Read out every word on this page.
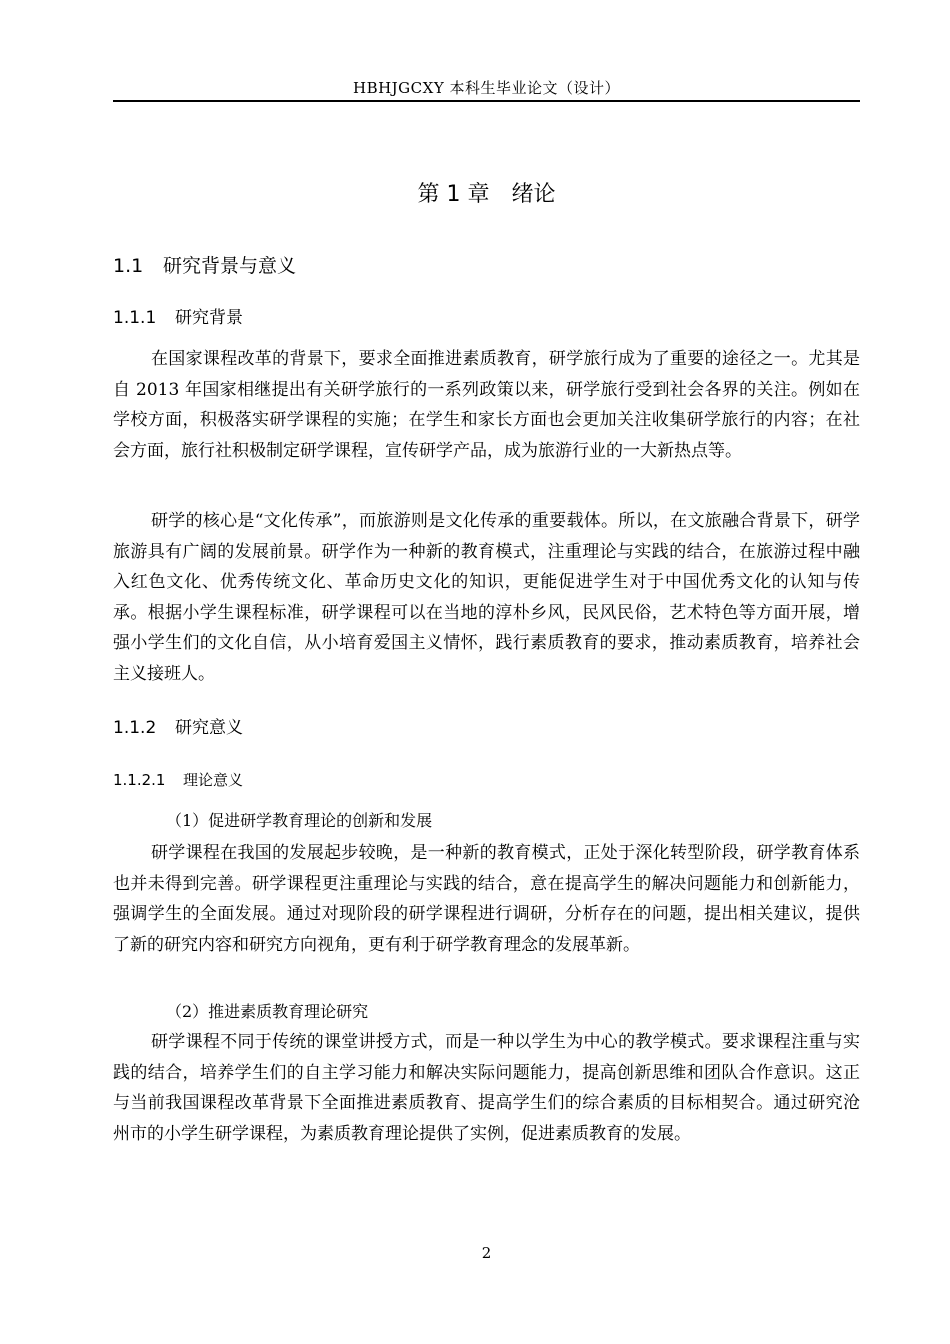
HBHJGCXY 本科生毕业论文（设计）
第 1 章 绪论
1.1 研究背景与意义
1.1.1 研究背景

在国家课程改革的背景下，要求全面推进素质教育，研学旅行成为了重要的途径之一。尤其是自 2013 年国家相继提出有关研学旅行的一系列政策以来，研学旅行受到社会各界的关注。例如在学校方面，积极落实研学课程的实施；在学生和家长方面也会更加关注收集研学旅行的内容；在社会方面，旅行社积极制定研学课程，宣传研学产品，成为旅游行业的一大新热点等。

研学的核心是“文化传承”，而旅游则是文化传承的重要载体。所以，在文旅融合背景下，研学旅游具有广阔的发展前景。研学作为一种新的教育模式，注重理论与实践的结合，在旅游过程中融入红色文化、优秀传统文化、革命历史文化的知识，更能促进学生对于中国优秀文化的认知与传承。根据小学生课程标准，研学课程可以在当地的淳朴乡风，民风民俗，艺术特色等方面开展，增强小学生们的文化自信，从小培育爱国主义情怀，践行素质教育的要求，推动素质教育，培养社会主义接班人。

1.1.2 研究意义
1.1.2.1 理论意义
（1）促进研学教育理论的创新和发展

研学课程在我国的发展起步较晚，是一种新的教育模式，正处于深化转型阶段，研学教育体系也并未得到完善。研学课程更注重理论与实践的结合，意在提高学生的解决问题能力和创新能力，强调学生的全面发展。通过对现阶段的研学课程进行调研，分析存在的问题，提出相关建议，提供了新的研究内容和研究方向视角，更有利于研学教育理念的发展革新。

（2）推进素质教育理论研究

研学课程不同于传统的课堂讲授方式，而是一种以学生为中心的教学模式。要求课程注重与实践的结合，培养学生们的自主学习能力和解决实际问题能力，提高创新思维和团队合作意识。这正与当前我国课程改革背景下全面推进素质教育、提高学生们的综合素质的目标相契合。通过研究沧州市的小学生研学课程，为素质教育理论提供了实例，促进素质教育的发展。

2
